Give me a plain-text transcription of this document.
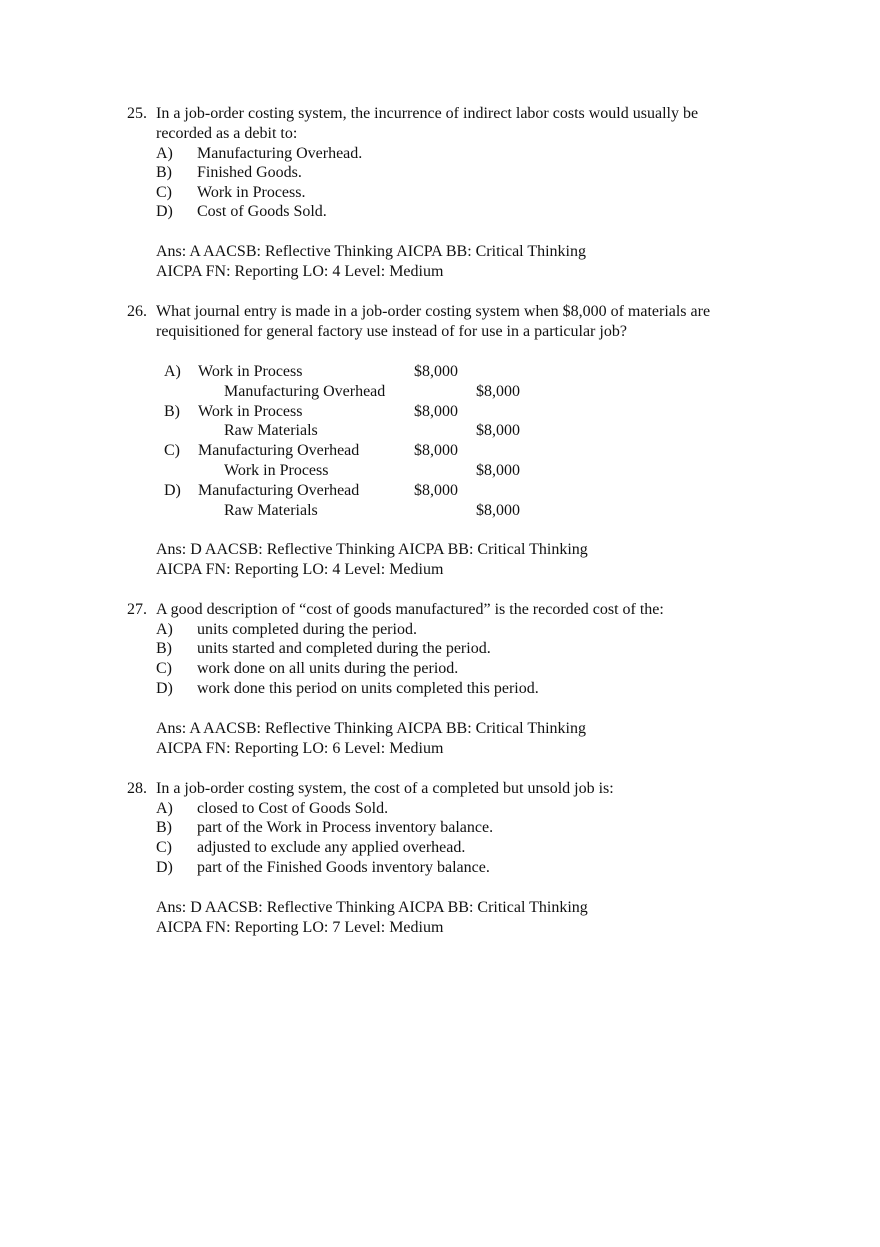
25. In a job-order costing system, the incurrence of indirect labor costs would usually be
recorded as a debit to:
A) Manufacturing Overhead.
B) Finished Goods.
C) Work in Process.
D) Cost of Goods Sold.
Ans: A AACSB: Reflective Thinking AICPA BB: Critical Thinking
AICPA FN: Reporting LO: 4 Level: Medium
26. What journal entry is made in a job-order costing system when $8,000 of materials are
requisitioned for general factory use instead of for use in a particular job?
A) Work in Process	$8,000
Manufacturing Overhead	$8,000
B) Work in Process	$8,000
Raw Materials	$8,000
C) Manufacturing Overhead	$8,000
Work in Process	$8,000
D) Manufacturing Overhead	$8,000
Raw Materials	$8,000
Ans: D AACSB: Reflective Thinking AICPA BB: Critical Thinking
AICPA FN: Reporting LO: 4 Level: Medium
27. A good description of “cost of goods manufactured” is the recorded cost of the:
A) units completed during the period.
B) units started and completed during the period.
C) work done on all units during the period.
D) work done this period on units completed this period.
Ans: A AACSB: Reflective Thinking AICPA BB: Critical Thinking
AICPA FN: Reporting LO: 6 Level: Medium
28. In a job-order costing system, the cost of a completed but unsold job is:
A) closed to Cost of Goods Sold.
B) part of the Work in Process inventory balance.
C) adjusted to exclude any applied overhead.
D) part of the Finished Goods inventory balance.
Ans: D AACSB: Reflective Thinking AICPA BB: Critical Thinking
AICPA FN: Reporting LO: 7 Level: Medium
